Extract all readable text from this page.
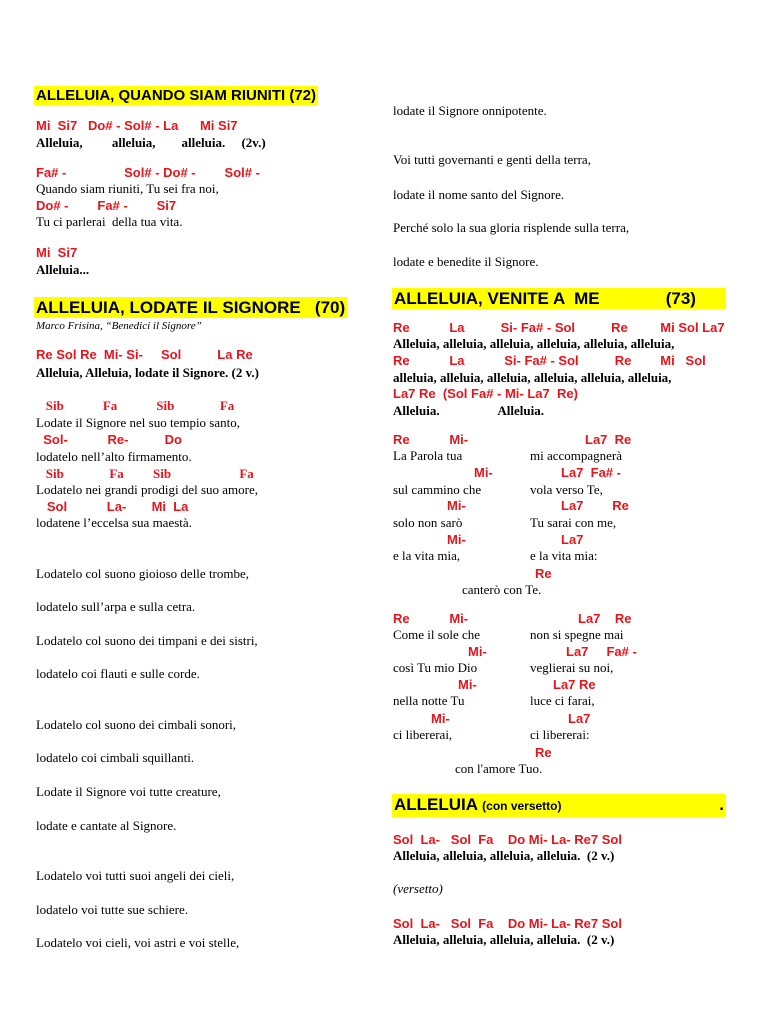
ALLELUIA, QUANDO SIAM RIUNITI (72)
Mi  Si7   Do# - Sol# - La      Mi Si7
Alleluia,         alleluia,        alleluia.     (2v.)
Fa# -                Sol# - Do# -        Sol# -
Quando siam riuniti, Tu sei fra noi,
Do# -        Fa# -        Si7
Tu ci parlerai  della tua vita.
Mi  Si7
Alleluia...
ALLELUIA, LODATE IL SIGNORE   (70)
Marco Frisina, “Benedici il Signore”
Re Sol Re  Mi- Si-     Sol          La Re
Alleluia, Alleluia, lodate il Signore. (2 v.)
Sib            Fa            Sib              Fa
Lodate il Signore nel suo tempio santo,
Sol-           Re-          Do
lodatelo nell’alto firmamento.
Sib              Fa         Sib                     Fa
Lodatelo nei grandi prodigi del suo amore,
Sol           La-       Mi  La
lodatene l’eccelsa sua maestà.
Lodatelo col suono gioioso delle trombe,
lodatelo sull’arpa e sulla cetra.
Lodatelo col suono dei timpani e dei sistri,
lodatelo coi flauti e sulle corde.
Lodatelo col suono dei cimbali sonori,
lodatelo coi cimbali squillanti.
Lodate il Signore voi tutte creature,
lodate e cantate al Signore.
Lodatelo voi tutti suoi angeli dei cieli,
lodatelo voi tutte sue schiere.
Lodatelo voi cieli, voi astri e voi stelle,
lodate il Signore onnipotente.
Voi tutti governanti e genti della terra,
lodate il nome santo del Signore.
Perché solo la sua gloria risplende sulla terra,
lodate e benedite il Signore.
ALLELUIA, VENITE A  ME              (73)
Re           La          Si- Fa# - Sol          Re         Mi Sol La7
Alleluia, alleluia, alleluia, alleluia, alleluia, alleluia,
Re           La           Si- Fa# - Sol          Re        Mi   Sol
alleluia, alleluia, alleluia, alleluia, alleluia, alleluia,
La7 Re  (Sol Fa# - Mi- La7  Re)
Alleluia.                  Alleluia.
Re           Mi-	La7  Re
La Parola tua	mi accompagnerà
Mi-	La7  Fa# -
sul cammino che	vola verso Te,
Mi-	La7        Re
solo non sarò	Tu sarai con me,
Mi-	La7
e la vita mia,	e la vita mia:
Re
canterò con Te.
Re           Mi-	La7    Re
Come il sole che	non si spegne mai
Mi-	La7     Fa# -
così Tu mio Dio	veglierai su noi,
Mi-	La7 Re
nella notte Tu	luce ci farai,
Mi-	La7
ci libererai,	ci libererai:
Re
con l'amore Tuo.
ALLELUIA (con versetto)	.
Sol  La-   Sol  Fa    Do Mi- La- Re7 Sol
Alleluia, alleluia, alleluia, alleluia.  (2 v.)
(versetto)
Sol  La-   Sol  Fa    Do Mi- La- Re7 Sol
Alleluia, alleluia, alleluia, alleluia.  (2 v.)
